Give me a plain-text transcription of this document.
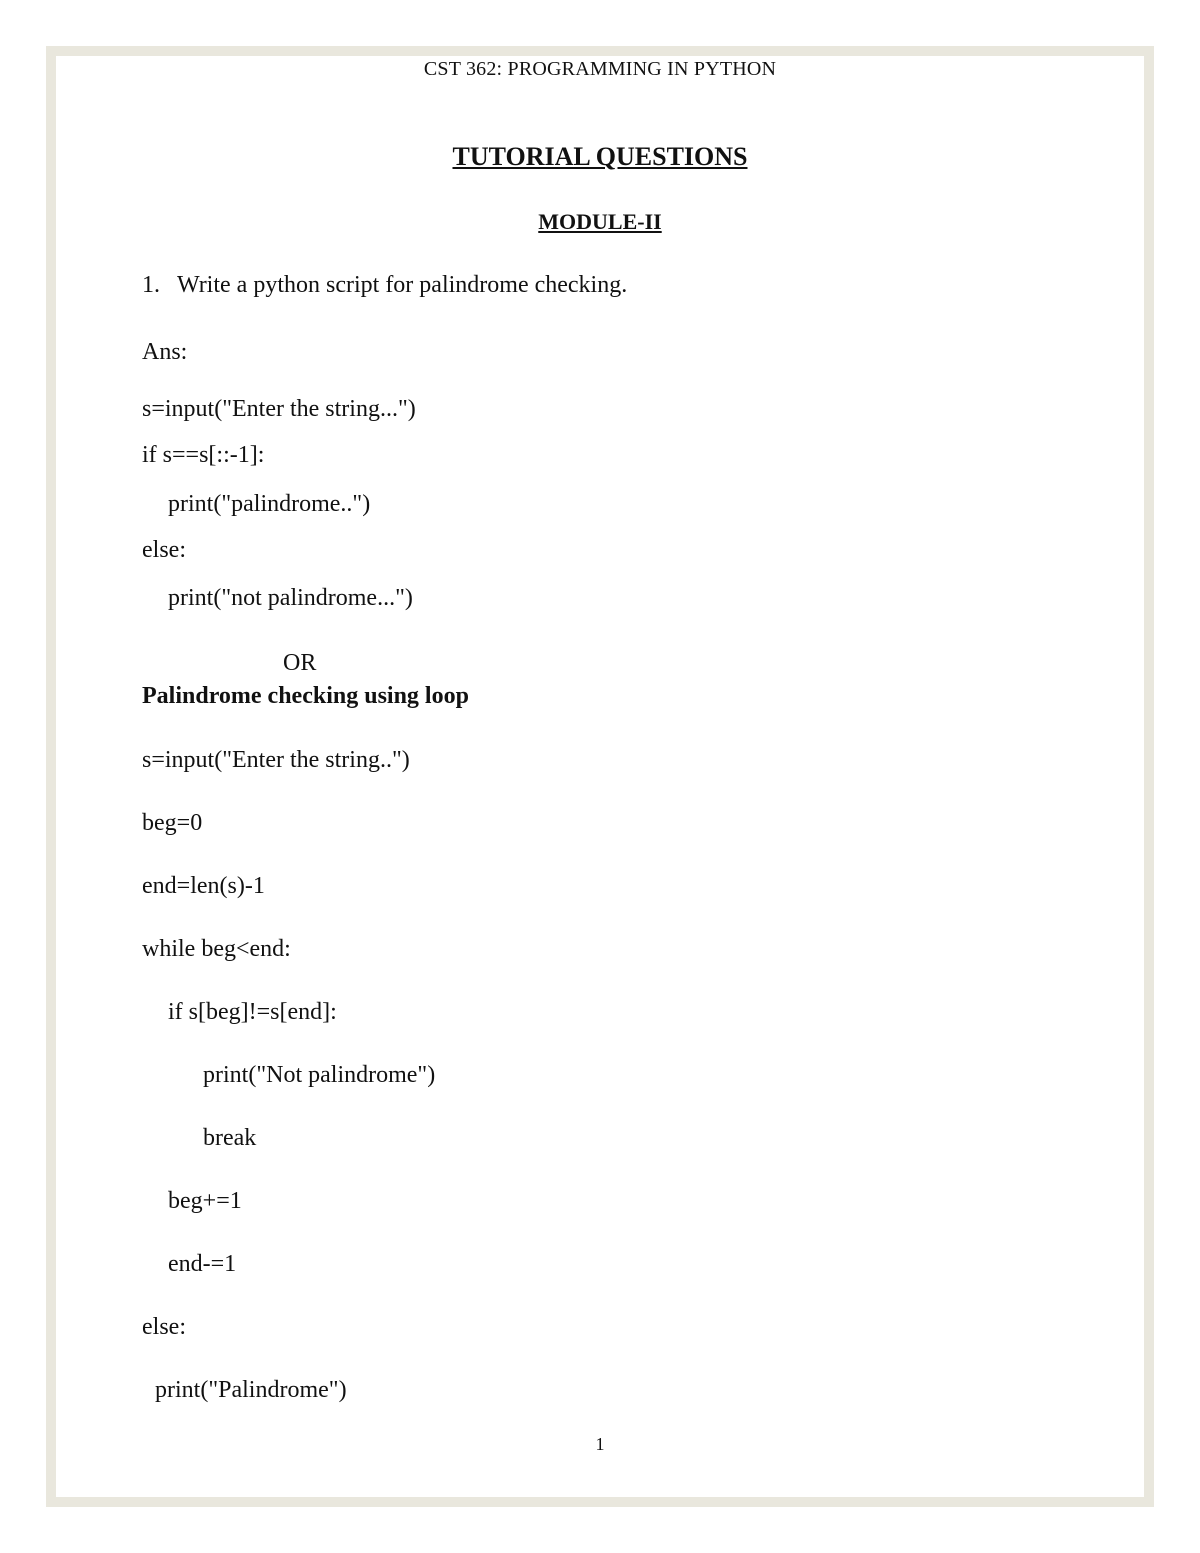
CST 362: PROGRAMMING IN PYTHON
TUTORIAL QUESTIONS
MODULE-II
1. Write a python script for palindrome checking.
Ans:
s=input("Enter the string...")
if s==s[::-1]:
print("palindrome..")
else:
print("not palindrome...")
OR
Palindrome checking using loop
s=input("Enter the string..")
beg=0
end=len(s)-1
while beg<end:
if s[beg]!=s[end]:
print("Not palindrome")
break
beg+=1
end-=1
else:
print("Palindrome")
1
